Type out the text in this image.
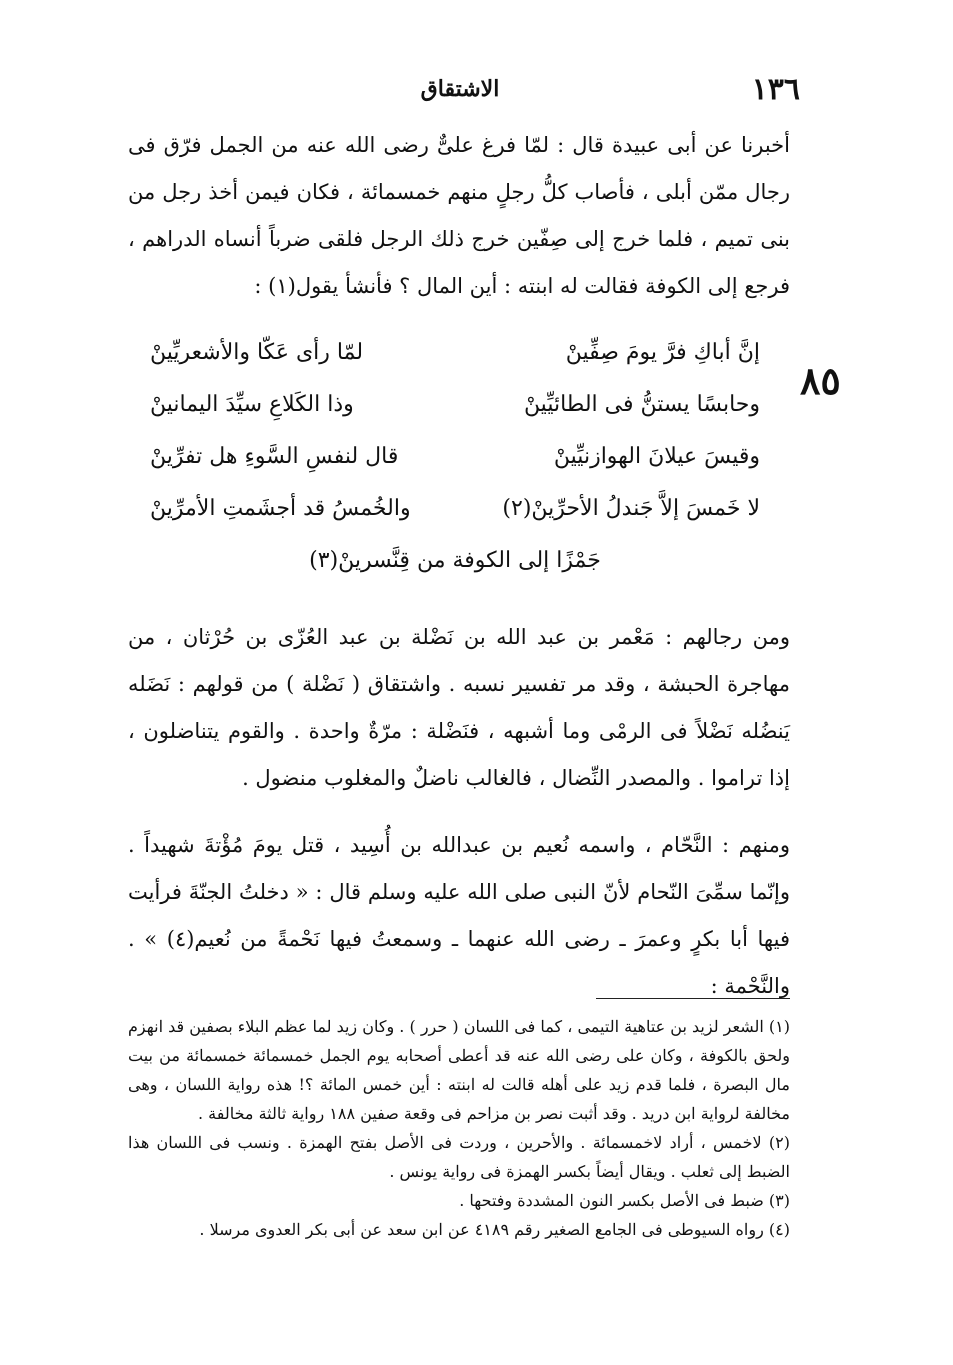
١٣٦
الاشتقاق
٨٥
أخبرنا عن أبى عبيدة قال : لمّا فرغ علىٌّ رضى الله عنه من الجمل فرّق فى رجال ممّن أبلى ، فأصاب كلُّ رجلٍ منهم خمسمائة ، فكان فيمن أخذ رجل من بنى تميم ، فلما خرج إلى صِفّين خرج ذلك الرجل فلقى ضرباً أنساه الدراهم ، فرجع إلى الكوفة فقالت له ابنته : أين المال ؟ فأنشأ يقول(١) :
إنَّ أباكِ فرَّ يومَ صِفِّينْ
لمّا رأى عَكّا والأشعريِّينْ
وحابسًا يستنُّ فى الطائيِّينْ
وذا الكَلاعِ سيِّدَ اليمانينْ
وقيسَ عيلانَ الهوازنيِّينْ
قال لنفسِ السَّوءِ هل تفرِّينْ
لا خَمسَ إلاَّ جَندلُ الأحرِّينْ(٢)
والخُمسُ قد أجشَمتِ الأمرِّينْ
جَمْزًا إلى الكوفة من قِنَّسرينْ(٣)
ومن رجالهم : مَعْمر بن عبد الله بن نَضْلة بن عبد العُزّى بن حُرْثان ، من مهاجرة الحبشة ، وقد مر تفسير نسبه . واشتقاق ( نَضْلة ) من قولهم : نَضَله يَنضُله نَضْلاً فى الرمْى وما أشبهه ، فنَضْلة : مرّةٌ واحدة . والقوم يتناضلون ، إذا تراموا . والمصدر النِّضال ، فالغالب ناضلٌ والمغلوب منضول .
ومنهم : النَّحّام ، واسمه نُعيم بن عبدالله بن أُسِيد ، قتل يومَ مُؤْتةَ شهيداً . وإنّما سمِّىَ النّحام لأنّ النبى صلى الله عليه وسلم قال : « دخلتُ الجنّةَ فرأيت فيها أبا بكرٍ وعمرَ ـ رضى الله عنهما ـ وسمعتُ فيها نَحْمةً من نُعيم(٤) » . والنَّحْمة :

(١) الشعر لزيد بن عتاهية التيمى ، كما فى اللسان ( حرر ) . وكان زيد لما عظم البلاء بصفين قد انهزم ولحق بالكوفة ، وكان على رضى الله عنه قد أعطى أصحابه يوم الجمل خمسمائة خمسمائة من بيت مال البصرة ، فلما قدم زيد على أهله قالت له ابنته : أين خمس المائة ؟! هذه رواية اللسان ، وهى مخالفة لرواية ابن دريد . وقد أثبت نصر بن مزاحم فى وقعة صفين ١٨٨ رواية ثالثة مخالفة .

(٢) لاخمس ، أراد لاخمسمائة . والأحرين ، وردت فى الأصل بفتح الهمزة . ونسب فى اللسان هذا الضبط إلى ثعلب . ويقال أيضاً بكسر الهمزة فى رواية يونس .

(٣) ضبط فى الأصل بكسر النون المشددة وفتحها .

(٤) رواه السيوطى فى الجامع الصغير رقم ٤١٨٩ عن ابن سعد عن أبى بكر العدوى مرسلا .
